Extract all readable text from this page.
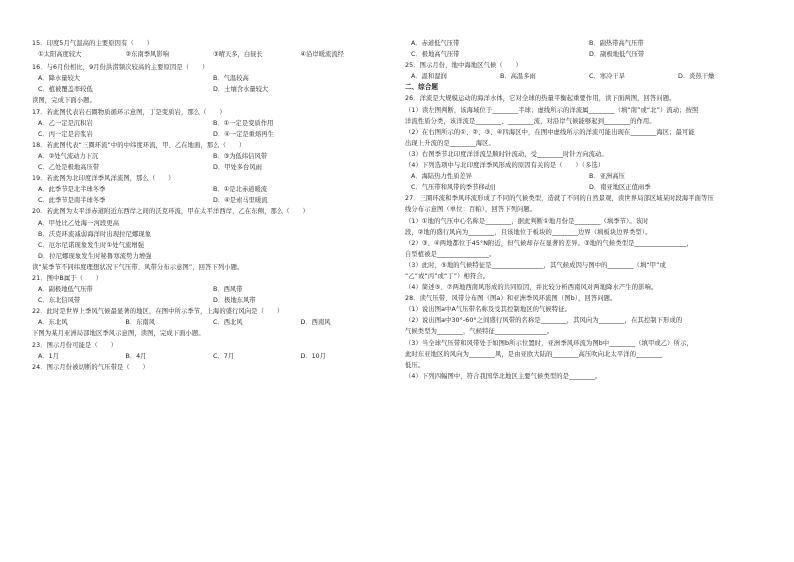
15．印度5月气温高的主要原因有（　　）
①太阳高度较大	②东南季风影响	③晴天多，白昼长	④沿岸暖流流经
16．与6月份相比，9月份洪涝频次较高的主要原因是（　　）
A．降水量较大	B．气温较高
C．植被覆盖率较低	D．土壤含水量较大
读图，完成下面小题。
17．若此图代表岩石圈物质循环示意图，丁是变质岩，那么（　　）
A．乙一定是沉积岩	B．①一定是变质作用
C．丙一定是岩浆岩	D．④一定是重熔再生
18．若此图代表“三圈环流”中的中纬度环流，甲、乙在地面，那么（　　）
A．②处气流动力下沉	B．③为低纬信风带
C．乙处是极地高压带	D．甲处多台风雨
19．若此图为北印度洋季风洋流图，那么（　　）
A．此季节是北半球冬季	B．①是北赤道暖流
C．此季节是南半球冬季	D．④是索马里暖流
20．若此图为太平洋赤道附近东西岸之间的沃克环流，甲在太平洋西岸，乙在东侧，那么（　　）
A．甲处比乙处海一河段更高
B．沃克环流减弱海洋时出现拉尼娜现象
C．厄尔尼诺现象发生时①处气流增强
D．拉尼娜现象发生时秘鲁寒流势力增强
读“某季节不同纬度理想状况下气压带、风带分布示意图”，回答下列小题。
21．图中B属于（　　）
A．副极地低气压带	B．西风带
C．东北信风带	D．极地东风带
22．此时是世界上季风气候最显著的地区，在图中所示季节，上海的盛行风向是（　　）
A．东北风	B．东南风	C．西北风	D．西南风
下图为某月亚洲局部地区季风示意图，读图，完成下面小题。
23．图示月份可能是（　　）
A．1月	B．4月	C．7月	D．10月
24．图示月份被切断的气压带是（　　）
A．赤道低气压带	B．副热带高气压带
C．极地高气压带	D．副极地低气压带
25．图示月份，地中海地区气候（　　）
A．温和湿润	B．高温多雨	C．寒冷干旱	D．炎热干燥
二、综合题
26．洋流是大规模运动的海洋水体，它对全球的热量平衡起重要作用，读下面两图，回答问题。
（1）读左图判断，该海域位于________半球；虚线所示的洋流属________（填“南”或“北”）流动；按照
洋流性质分类，该洋流是________、________流，对沿岸气候能够起到________的作用。
（2）在右图所示的①、②、③、④四海区中，在图中虚线所示的洋流可能出现在________海区；最可能
出现上升流的是________海区。
（3）右图季节北印度洋洋流呈顺时针流动，受________时针方向流动。
（4）下列选项中与北印度洋季风形成的原因有关的是（　　）（多选）
A．海陆热力性质差异	B．亚洲高压
C．气压带和风带的季节移动||	D．南亚地区正值雨季
27．三圈环流和季风环流形成了不同的气候类型，造就了不同的自然景观，读世界局部区域某时段海平面等压
线分布示意图（单位：百帕），回答下列问题。
（1）①地的气压中心名称是________，据此判断①地月份是________（填季节）。该时
段，②地的盛行风向为________，且该地位于板块的________边界（填板块边界类型）。
（2）③、④两地都位于45°N附近，但气候却存在显著的差异。③地的气候类型是________________，
自型植被是________________。
（3）此时，⑤地的气候特征是________________，其气候成因与图中的________（填“甲”或
“乙”或“丙”或“丁”）相符合。
（4）简述⑤、⑦两地西南风形成的共同原因，并比较分析西南风对两地降水产生的影响。
28．读气压带、风带分布图（图a）和亚洲季风环流图（图b），回答问题。
（1）说出图a中A气压带名称及受其控制地区的气候特征。
（2）说出图a中30°-60°之间盛行风带的名称是________，其风向为________，在其控制下形成的
气候类型为________，气候特征________________。
（3）当全球气压带和风带处于如图b所示位置时，亚洲季风环流为图b中________（填甲或乙）所示，
此时东亚地区的风向为________风，是由亚欧大陆的________高压吹向北太平洋的________
低压。
（4）下列四幅图中，符合我国华北地区主要气候类型的是________。
